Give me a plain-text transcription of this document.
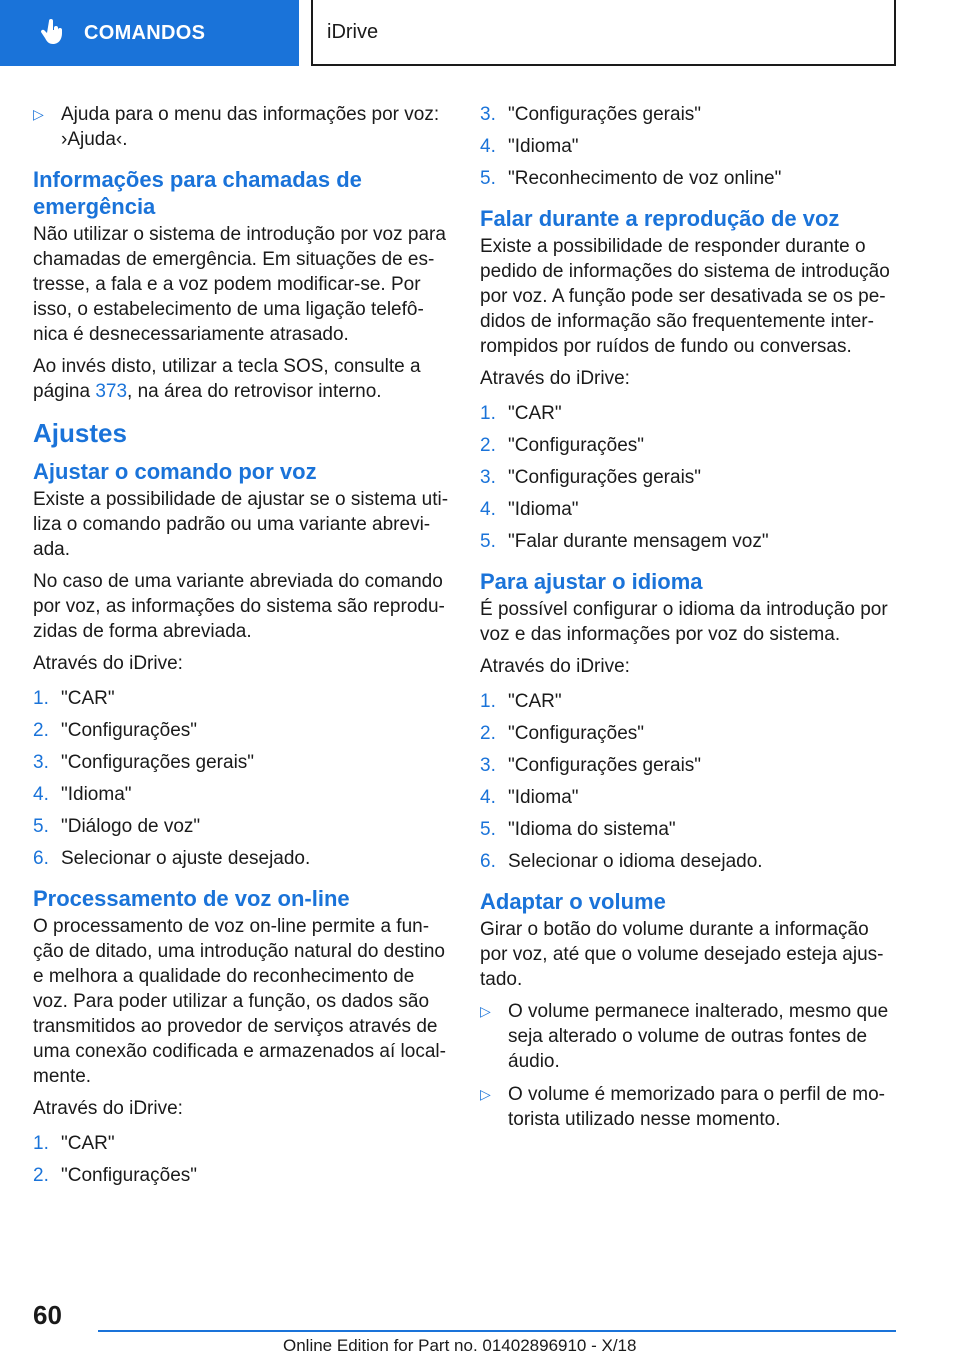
COMANDOS	iDrive
▷ Ajuda para o menu das informações por voz: ›Ajuda‹.
Informações para chamadas de emergência
Não utilizar o sistema de introdução por voz para chamadas de emergência. Em situações de estresse, a fala e a voz podem modificar-se. Por isso, o estabelecimento de uma ligação telefônica é desnecessariamente atrasado.
Ao invés disto, utilizar a tecla SOS, consulte a página 373, na área do retrovisor interno.
Ajustes
Ajustar o comando por voz
Existe a possibilidade de ajustar se o sistema utiliza o comando padrão ou uma variante abreviada.
No caso de uma variante abreviada do comando por voz, as informações do sistema são reproduzidas de forma abreviada.
Através do iDrive:
1. "CAR"
2. "Configurações"
3. "Configurações gerais"
4. "Idioma"
5. "Diálogo de voz"
6. Selecionar o ajuste desejado.
Processamento de voz on-line
O processamento de voz on-line permite a função de ditado, uma introdução natural do destino e melhora a qualidade do reconhecimento de voz. Para poder utilizar a função, os dados são transmitidos ao provedor de serviços através de uma conexão codificada e armazenados aí localmente.
Através do iDrive:
1. "CAR"
2. "Configurações"
3. "Configurações gerais"
4. "Idioma"
5. "Reconhecimento de voz online"
Falar durante a reprodução de voz
Existe a possibilidade de responder durante o pedido de informações do sistema de introdução por voz. A função pode ser desativada se os pedidos de informação são frequentemente interrompidos por ruídos de fundo ou conversas.
Através do iDrive:
1. "CAR"
2. "Configurações"
3. "Configurações gerais"
4. "Idioma"
5. "Falar durante mensagem voz"
Para ajustar o idioma
É possível configurar o idioma da introdução por voz e das informações por voz do sistema.
Através do iDrive:
1. "CAR"
2. "Configurações"
3. "Configurações gerais"
4. "Idioma"
5. "Idioma do sistema"
6. Selecionar o idioma desejado.
Adaptar o volume
Girar o botão do volume durante a informação por voz, até que o volume desejado esteja ajustado.
▷ O volume permanece inalterado, mesmo que seja alterado o volume de outras fontes de áudio.
▷ O volume é memorizado para o perfil de motorista utilizado nesse momento.
60
Online Edition for Part no. 01402896910 - X/18
